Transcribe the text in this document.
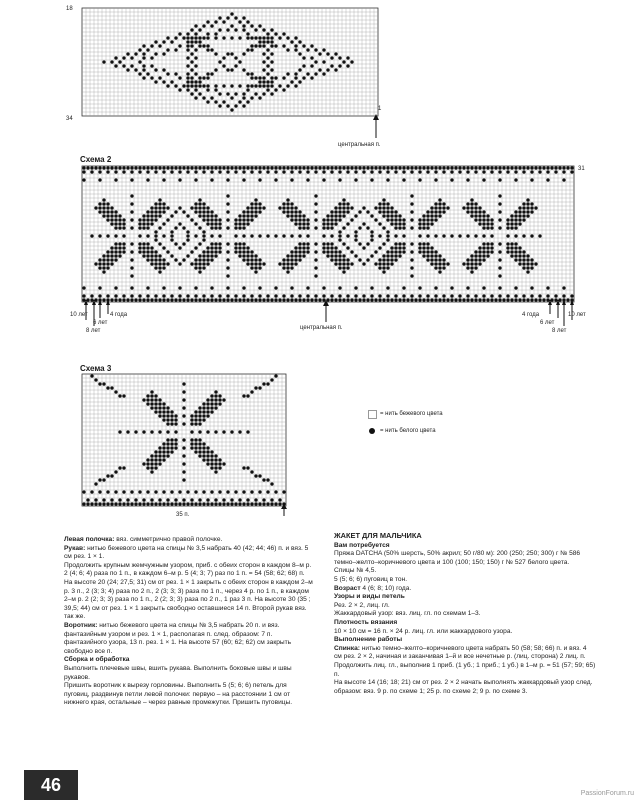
18
34
1
центральная п.
Схема 2
31
10 лет
6 лет
8 лет
4 года	4 года
6 лет
10 лет
8 лет
центральная п.
Схема 3
35 п.
= нить бежевого цвета
= нить белого цвета

Левая полочка: вяз. симметрично правой полочке.

Рукав: нитью бежевого цвета на спицы № 3,5 набрать 40 (42; 44; 46) п. и вяз. 5 см рез. 1 × 1.

Продолжить крупным жемчужным узором, приб. с обеих сторон в каждом 8–м р. 2 (4; 6; 4) раза по 1 п., в каждом 6–м р. 5 (4; 3; 7) раз по 1 п. = 54 (58; 62; 68) п. На высоте 20 (24; 27,5; 31) см от рез. 1 × 1 закрыть с обеих сторон в каждом 2–м р. 3 п., 2 (3; 3; 4) раза по 2 п., 2 (3; 3; 3) раза по 1 п., через 4 р. по 1 п., в каждом 2–м р. 2 (2; 3; 3) раза по 1 п., 2 (2; 3; 3) раза по 2 п., 1 раз 3 п. На высоте 30 (35 ; 39,5; 44) см от рез. 1 × 1 закрыть свободно оставшиеся 14 п. Второй рукав вяз. так же.

Воротник: нитью бежевого цвета на спицы № 3,5 набрать 20 п. и вяз. фантазийным узором и рез. 1 × 1, располагая п. след. образом: 7 п. фантазийного узора, 13 п. рез. 1 × 1. На высоте 57 (60; 62; 62) см закрыть свободно все п.

Сборка и обработка

Выполнить плечевые швы, вшить рукава. Выполнить боковые швы и швы рукавов.

Пришить воротник к вырезу горловины. Выполнить 5 (5; 6; 6) петель для пуговиц, раздвинув петли левой полочки: первую – на расстоянии 1 см от нижнего края, остальные – через равные промежутки. Пришить пуговицы.

ЖАКЕТ ДЛЯ МАЛЬЧИКА

Вам потребуется

Пряжа DATCHA (50% шерсть, 50% акрил; 50 г/80 м): 200 (250; 250; 300) г № 586 темно–желто–коричневого цвета и 100 (100; 150; 150) г № 527 белого цвета.

Спицы № 4,5.

5 (5; 6; 6) пуговиц в тон.

Возраст 4 (6; 8; 10) года.

Узоры и виды петель

Рез. 2 × 2, лиц. гл.

Жаккардовый узор: вяз. лиц. гл. по схемам 1–3.

Плотность вязания

10 × 10 см = 16 п. × 24 р. лиц. гл. или жаккардового узора.

Выполнение работы

Спинка: нитью темно–желто–коричневого цвета набрать 50 (58; 58; 66) п. и вяз. 4 см рез. 2 × 2, начиная и заканчивая 1–й и все нечетные р. (лиц. сторона) 2 лиц. п. Продолжить лиц. гл., выполнив 1 приб. (1 уб.; 1 приб.; 1 уб.) в 1–м р. = 51 (57; 59; 65) п.

На высоте 14 (16; 18; 21) см от рез. 2 × 2 начать выполнять жаккардовый узор след. образом: вяз. 9 р. по схеме 1; 25 р. по схеме 2; 9 р. по схеме 3.

46	PassionForum.ru
